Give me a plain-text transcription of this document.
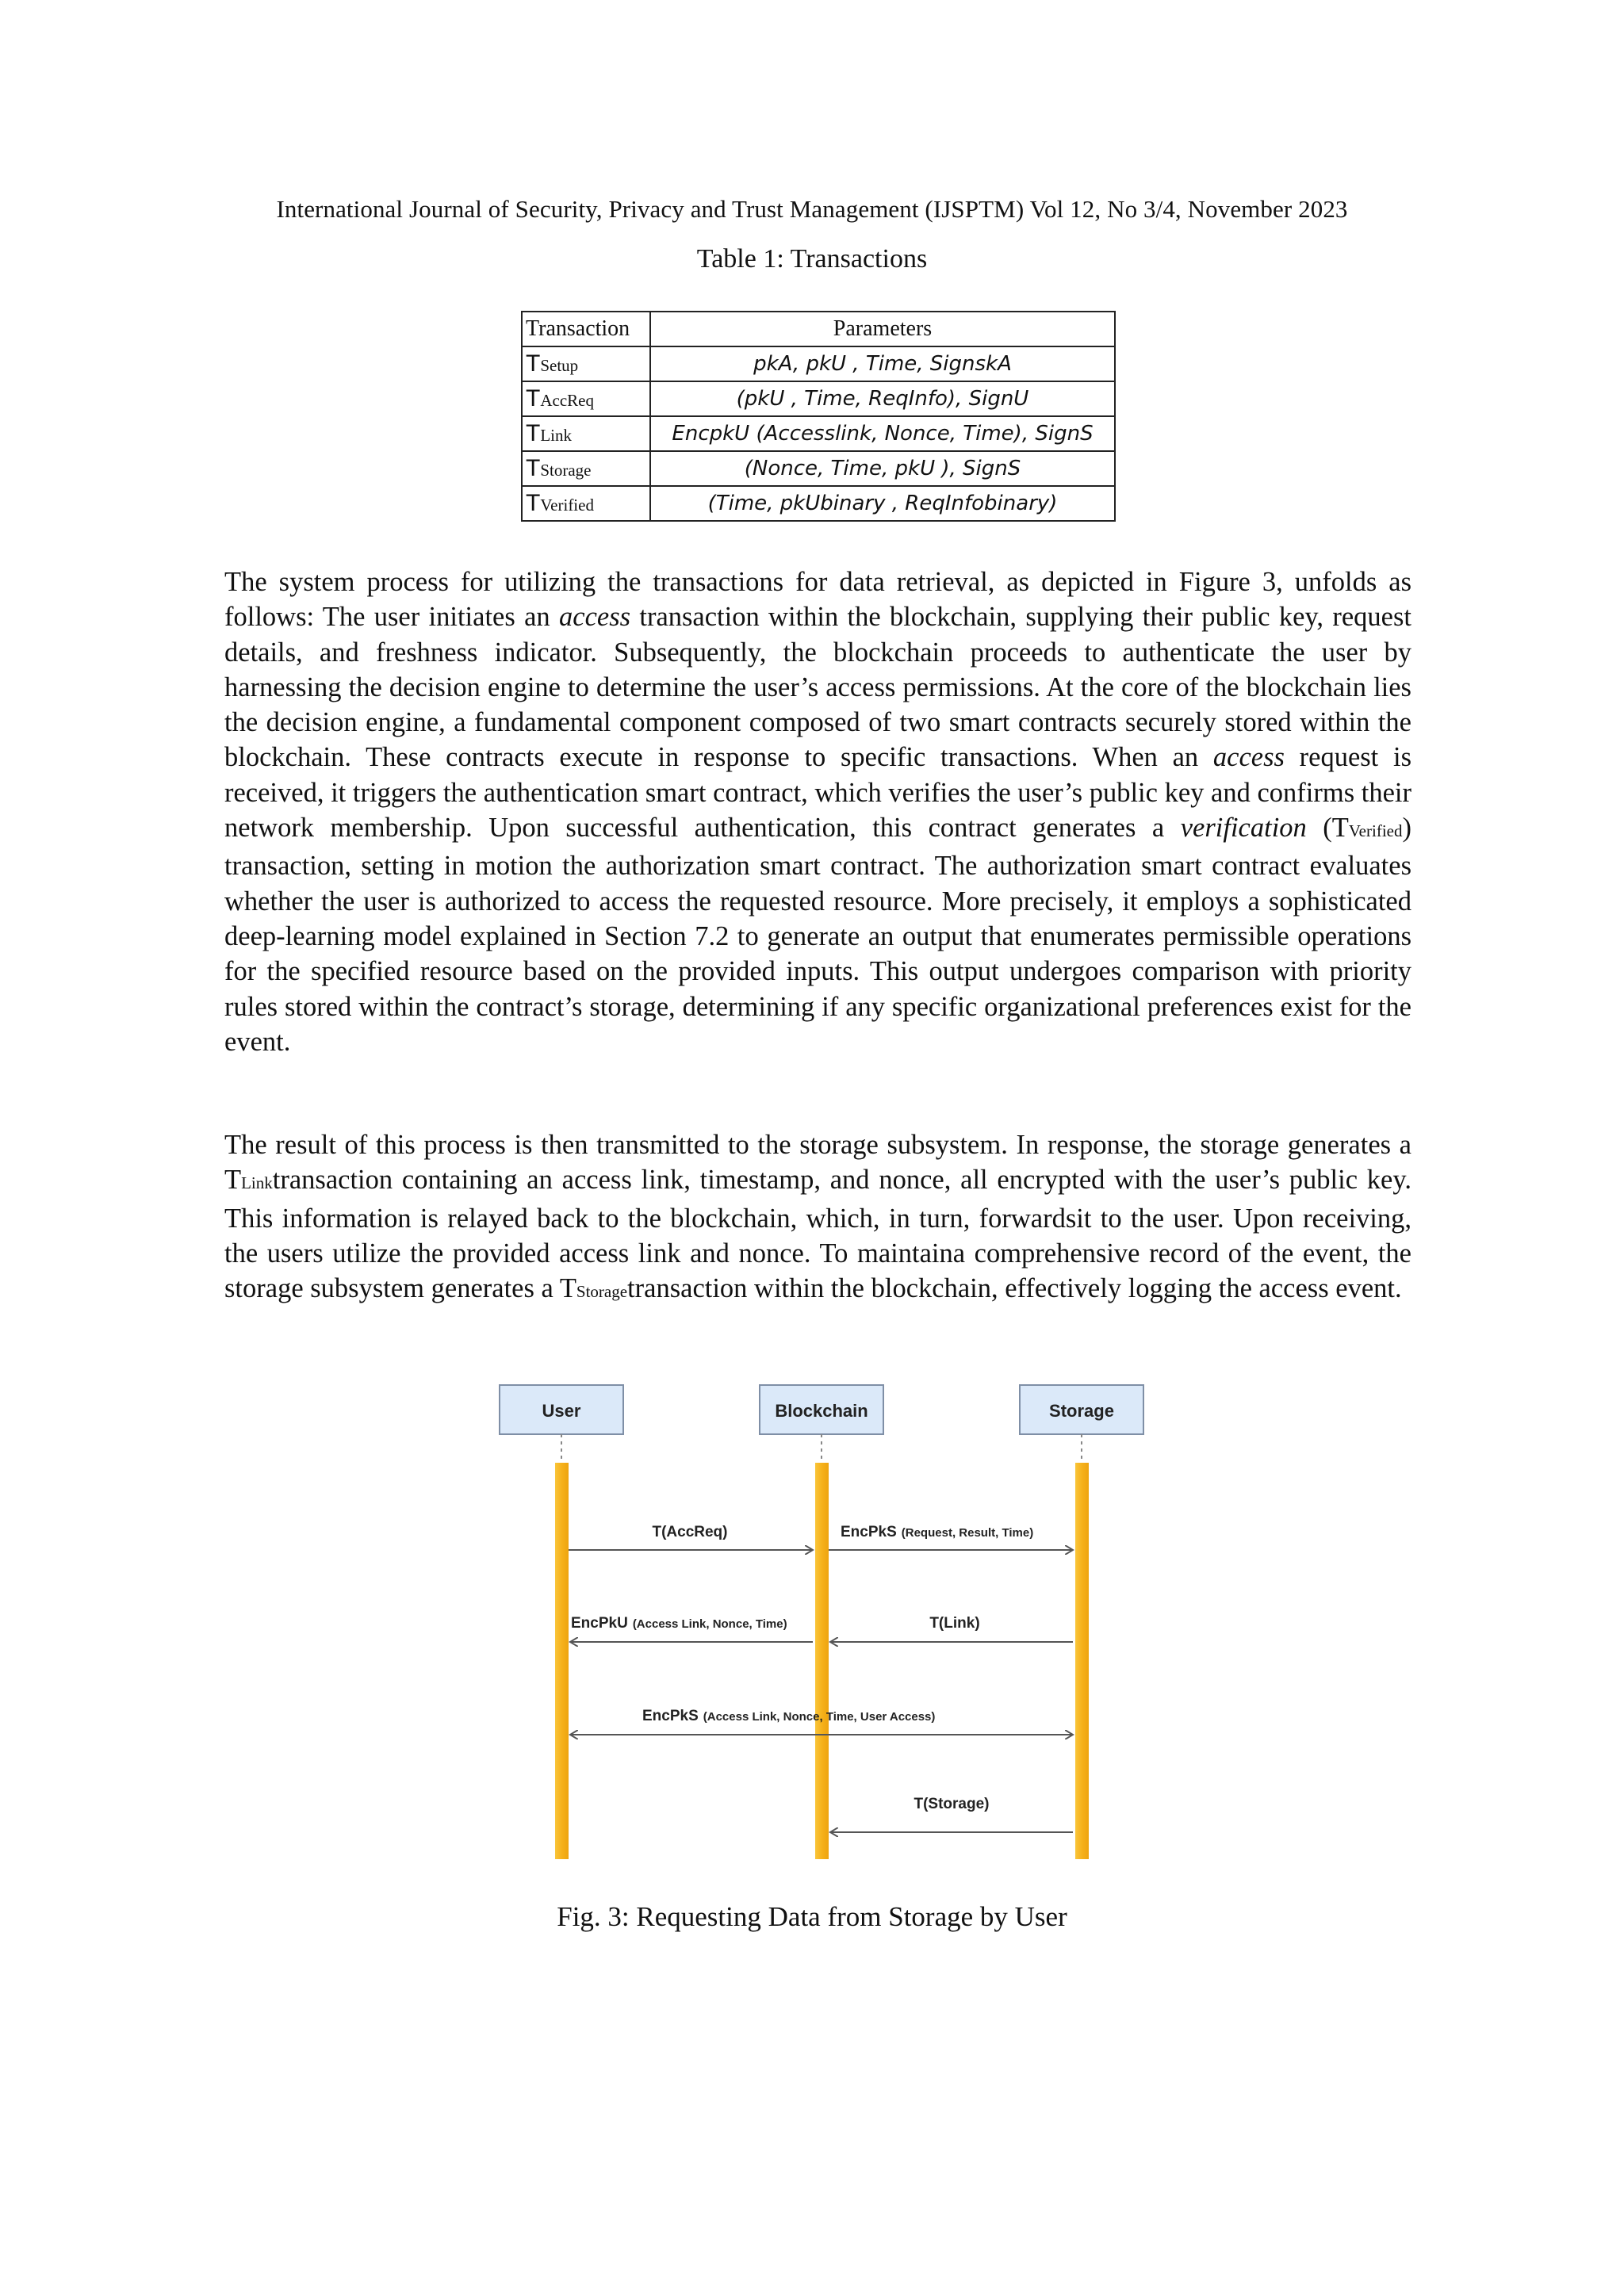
International Journal of Security, Privacy and Trust Management (IJSPTM) Vol 12, No 3/4, November 2023
Table 1: Transactions
Transaction	Parameters
TSetup	pkA, pkU , Time, SignskA
TAccReq	(pkU , Time, ReqInfo), SignU
TLink	EncpkU (Accesslink, Nonce, Time), SignS
TStorage	(Nonce, Time, pkU ), SignS
TVerified	(Time, pkUbinary , ReqInfobinary)
The system process for utilizing the transactions for data retrieval, as depicted in Figure 3, unfolds as follows: The user initiates an access transaction within the blockchain, supplying their public key, request details, and freshness indicator. Subsequently, the blockchain proceeds to authenticate the user by harnessing the decision engine to determine the user’s access permissions. At the core of the blockchain lies the decision engine, a fundamental component composed of two smart contracts securely stored within the blockchain. These contracts execute in response to specific transactions. When an access request is received, it triggers the authentication smart contract, which verifies the user’s public key and confirms their network membership. Upon successful authentication, this contract generates a verification (TVerified) transaction, setting in motion the authorization smart contract. The authorization smart contract evaluates whether the user is authorized to access the requested resource. More precisely, it employs a sophisticated deep-learning model explained in Section 7.2 to generate an output that enumerates permissible operations for the specified resource based on the provided inputs. This output undergoes comparison with priority rules stored within the contract’s storage, determining if any specific organizational preferences exist for the event.
The result of this process is then transmitted to the storage subsystem. In response, the storage generates a TLinktransaction containing an access link, timestamp, and nonce, all encrypted with the user’s public key. This information is relayed back to the blockchain, which, in turn, forwardsit to the user. Upon receiving, the users utilize the provided access link and nonce. To maintaina comprehensive record of the event, the storage subsystem generates a TStoragetransaction within the blockchain, effectively logging the access event.
User	Blockchain	Storage
T(AccReq)	EncPkS (Request, Result, Time)
EncPkU (Access Link, Nonce, Time)	T(Link)
EncPkS (Access Link, Nonce, Time, User Access)
T(Storage)
Fig. 3: Requesting Data from Storage by User
